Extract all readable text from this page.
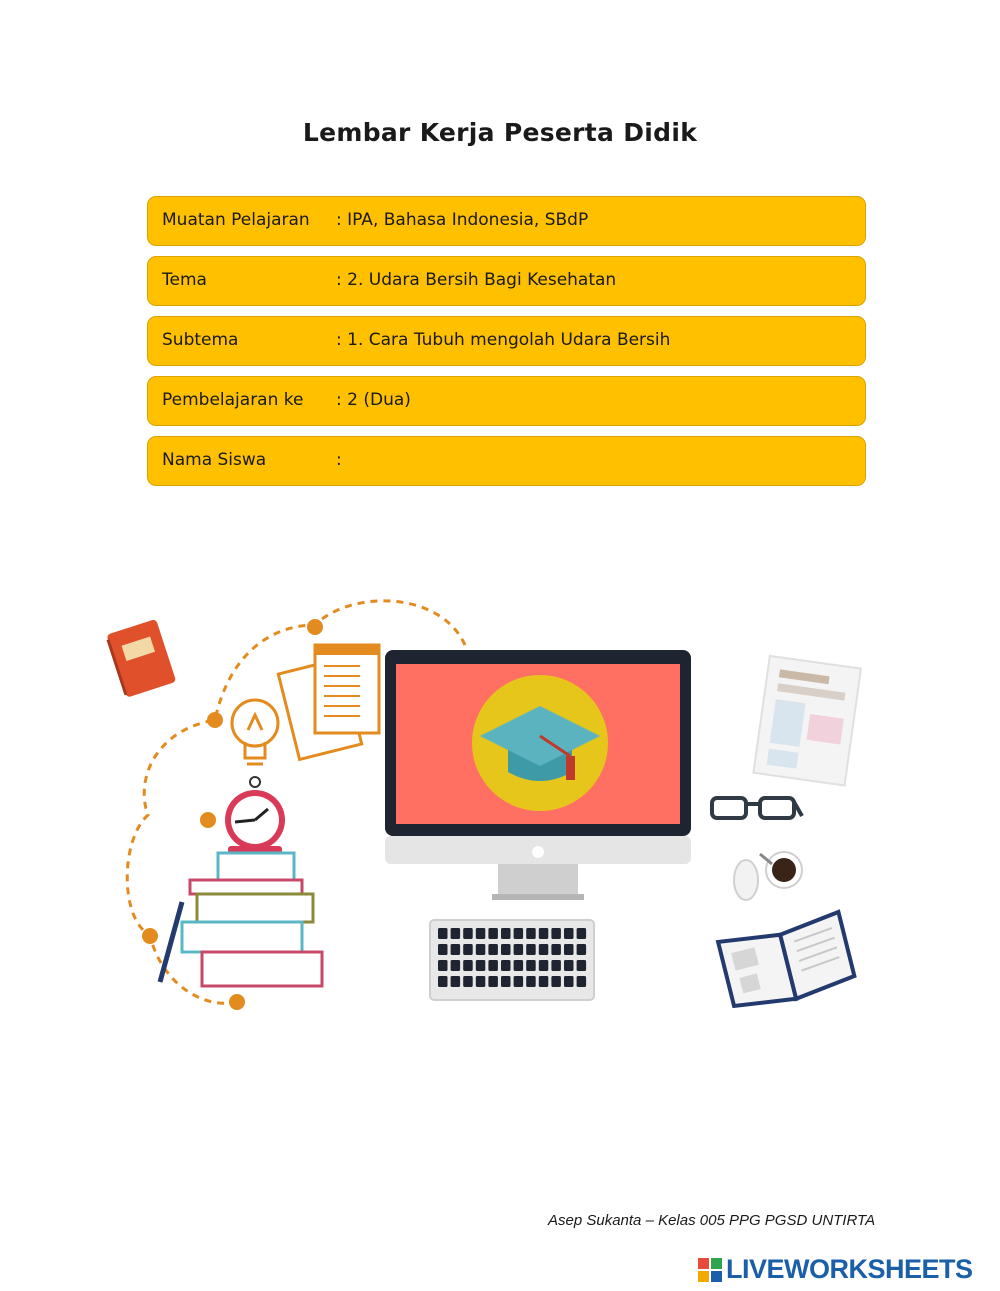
Lembar Kerja Peserta Didik
Muatan Pelajaran : IPA, Bahasa Indonesia, SBdP
Tema	: 2. Udara Bersih Bagi Kesehatan
Subtema	: 1. Cara Tubuh mengolah Udara Bersih
Pembelajaran ke : 2 (Dua)
Nama Siswa	:
Asep Sukanta – Kelas 005 PPG PGSD UNTIRTA
LIVEWORKSHEETS
